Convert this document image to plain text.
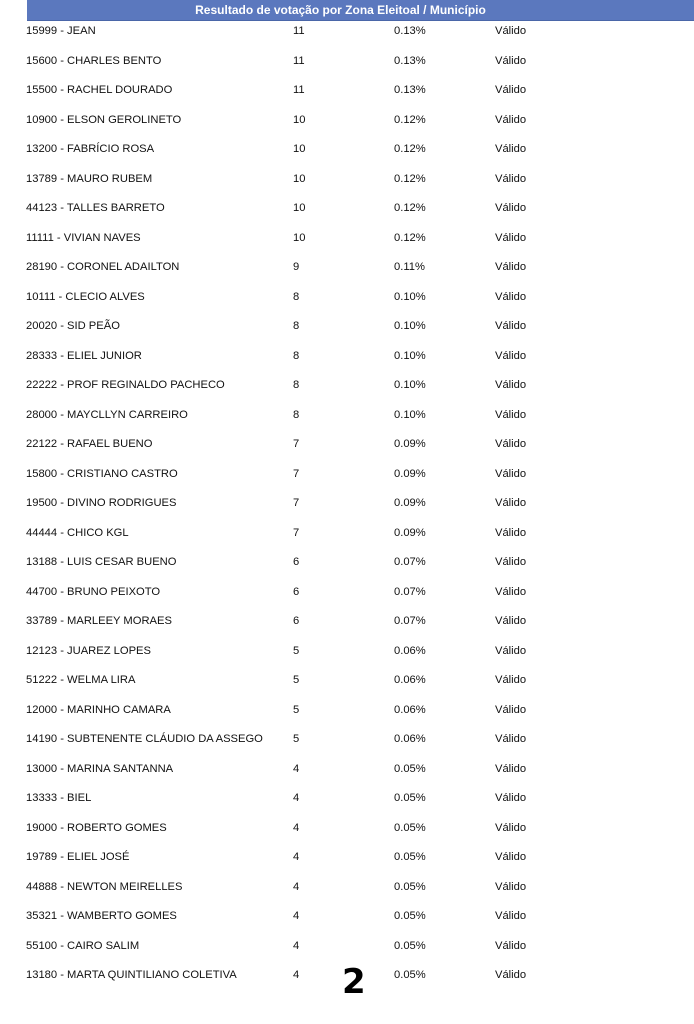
Resultado de votação por Zona Eleitoal / Município
15999 - JEAN	11	0.13%	Válido
15600 - CHARLES BENTO	11	0.13%	Válido
15500 - RACHEL DOURADO	11	0.13%	Válido
10900 - ELSON GEROLINETO	10	0.12%	Válido
13200 - FABRÍCIO ROSA	10	0.12%	Válido
13789 - MAURO RUBEM	10	0.12%	Válido
44123 - TALLES BARRETO	10	0.12%	Válido
11111 - VIVIAN NAVES	10	0.12%	Válido
28190 - CORONEL ADAILTON	9	0.11%	Válido
10111 - CLECIO ALVES	8	0.10%	Válido
20020 - SID PEÃO	8	0.10%	Válido
28333 - ELIEL JUNIOR	8	0.10%	Válido
22222 - PROF REGINALDO PACHECO	8	0.10%	Válido
28000 - MAYCLLYN CARREIRO	8	0.10%	Válido
22122 - RAFAEL BUENO	7	0.09%	Válido
15800 - CRISTIANO CASTRO	7	0.09%	Válido
19500 - DIVINO RODRIGUES	7	0.09%	Válido
44444 - CHICO KGL	7	0.09%	Válido
13188 - LUIS CESAR BUENO	6	0.07%	Válido
44700 - BRUNO PEIXOTO	6	0.07%	Válido
33789 - MARLEEY MORAES	6	0.07%	Válido
12123 - JUAREZ LOPES	5	0.06%	Válido
51222 - WELMA LIRA	5	0.06%	Válido
12000 - MARINHO CAMARA	5	0.06%	Válido
14190 - SUBTENENTE CLÁUDIO DA ASSEGO	5	0.06%	Válido
13000 - MARINA SANTANNA	4	0.05%	Válido
13333 - BIEL	4	0.05%	Válido
19000 - ROBERTO GOMES	4	0.05%	Válido
19789 - ELIEL JOSÉ	4	0.05%	Válido
44888 - NEWTON MEIRELLES	4	0.05%	Válido
35321 - WAMBERTO GOMES	4	0.05%	Válido
55100 - CAIRO SALIM	4	0.05%	Válido
13180 - MARTA QUINTILIANO COLETIVA	4	0.05%	Válido
2
